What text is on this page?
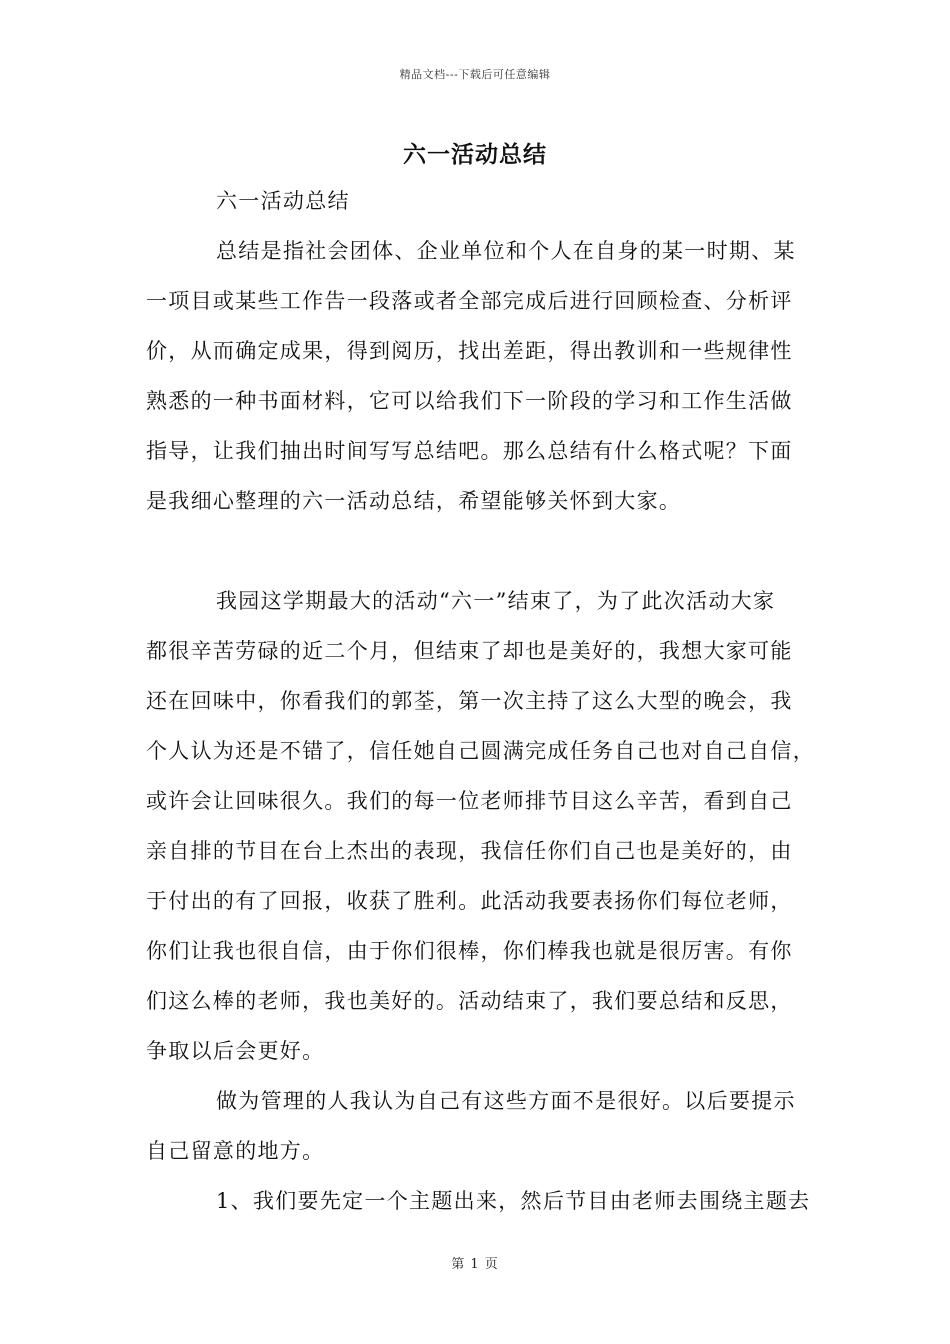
精品文档---下载后可任意编辑
六一活动总结
六一活动总结
总结是指社会团体、企业单位和个人在自身的某一时期、某
一项目或某些工作告一段落或者全部完成后进行回顾检查、分析评
价，从而确定成果，得到阅历，找出差距，得出教训和一些规律性
熟悉的一种书面材料，它可以给我们下一阶段的学习和工作生活做
指导，让我们抽出时间写写总结吧。那么总结有什么格式呢？下面
是我细心整理的六一活动总结，希望能够关怀到大家。
我园这学期最大的活动“六一”结束了，为了此次活动大家
都很辛苦劳碌的近二个月，但结束了却也是美好的，我想大家可能
还在回味中，你看我们的郭荃，第一次主持了这么大型的晚会，我
个人认为还是不错了，信任她自己圆满完成任务自己也对自己自信，
或许会让回味很久。我们的每一位老师排节目这么辛苦，看到自己
亲自排的节目在台上杰出的表现，我信任你们自己也是美好的，由
于付出的有了回报，收获了胜利。此活动我要表扬你们每位老师，
你们让我也很自信，由于你们很棒，你们棒我也就是很厉害。有你
们这么棒的老师，我也美好的。活动结束了，我们要总结和反思，
争取以后会更好。
做为管理的人我认为自己有这些方面不是很好。以后要提示
自己留意的地方。
1、我们要先定一个主题出来，然后节目由老师去围绕主题去
第 1 页
